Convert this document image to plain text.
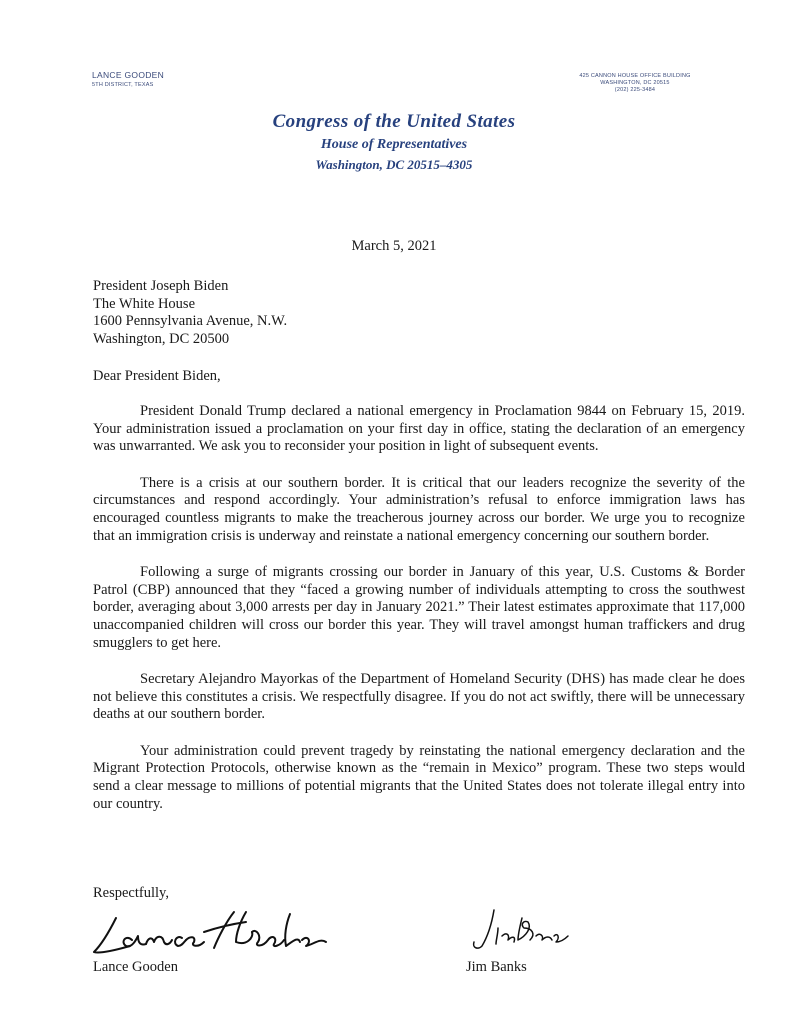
LANCE GOODEN
5TH DISTRICT, TEXAS
425 CANNON HOUSE OFFICE BUILDING
WASHINGTON, DC 20515
(202) 225-3484
Congress of the United States
House of Representatives
Washington, DC 20515–4305
March 5, 2021
President Joseph Biden
The White House
1600 Pennsylvania Avenue, N.W.
Washington, DC 20500
Dear President Biden,

President Donald Trump declared a national emergency in Proclamation 9844 on February 15, 2019. Your administration issued a proclamation on your first day in office, stating the declaration of an emergency was unwarranted. We ask you to reconsider your position in light of subsequent events.

There is a crisis at our southern border. It is critical that our leaders recognize the severity of the circumstances and respond accordingly. Your administration’s refusal to enforce immigration laws has encouraged countless migrants to make the treacherous journey across our border. We urge you to recognize that an immigration crisis is underway and reinstate a national emergency concerning our southern border.

Following a surge of migrants crossing our border in January of this year, U.S. Customs & Border Patrol (CBP) announced that they “faced a growing number of individuals attempting to cross the southwest border, averaging about 3,000 arrests per day in January 2021.” Their latest estimates approximate that 117,000 unaccompanied children will cross our border this year. They will travel amongst human traffickers and drug smugglers to get here.

Secretary Alejandro Mayorkas of the Department of Homeland Security (DHS) has made clear he does not believe this constitutes a crisis. We respectfully disagree. If you do not act swiftly, there will be unnecessary deaths at our southern border.

Your administration could prevent tragedy by reinstating the national emergency declaration and the Migrant Protection Protocols, otherwise known as the “remain in Mexico” program. These two steps would send a clear message to millions of potential migrants that the United States does not tolerate illegal entry into our country.

Respectfully,
Lance Gooden	Jim Banks
